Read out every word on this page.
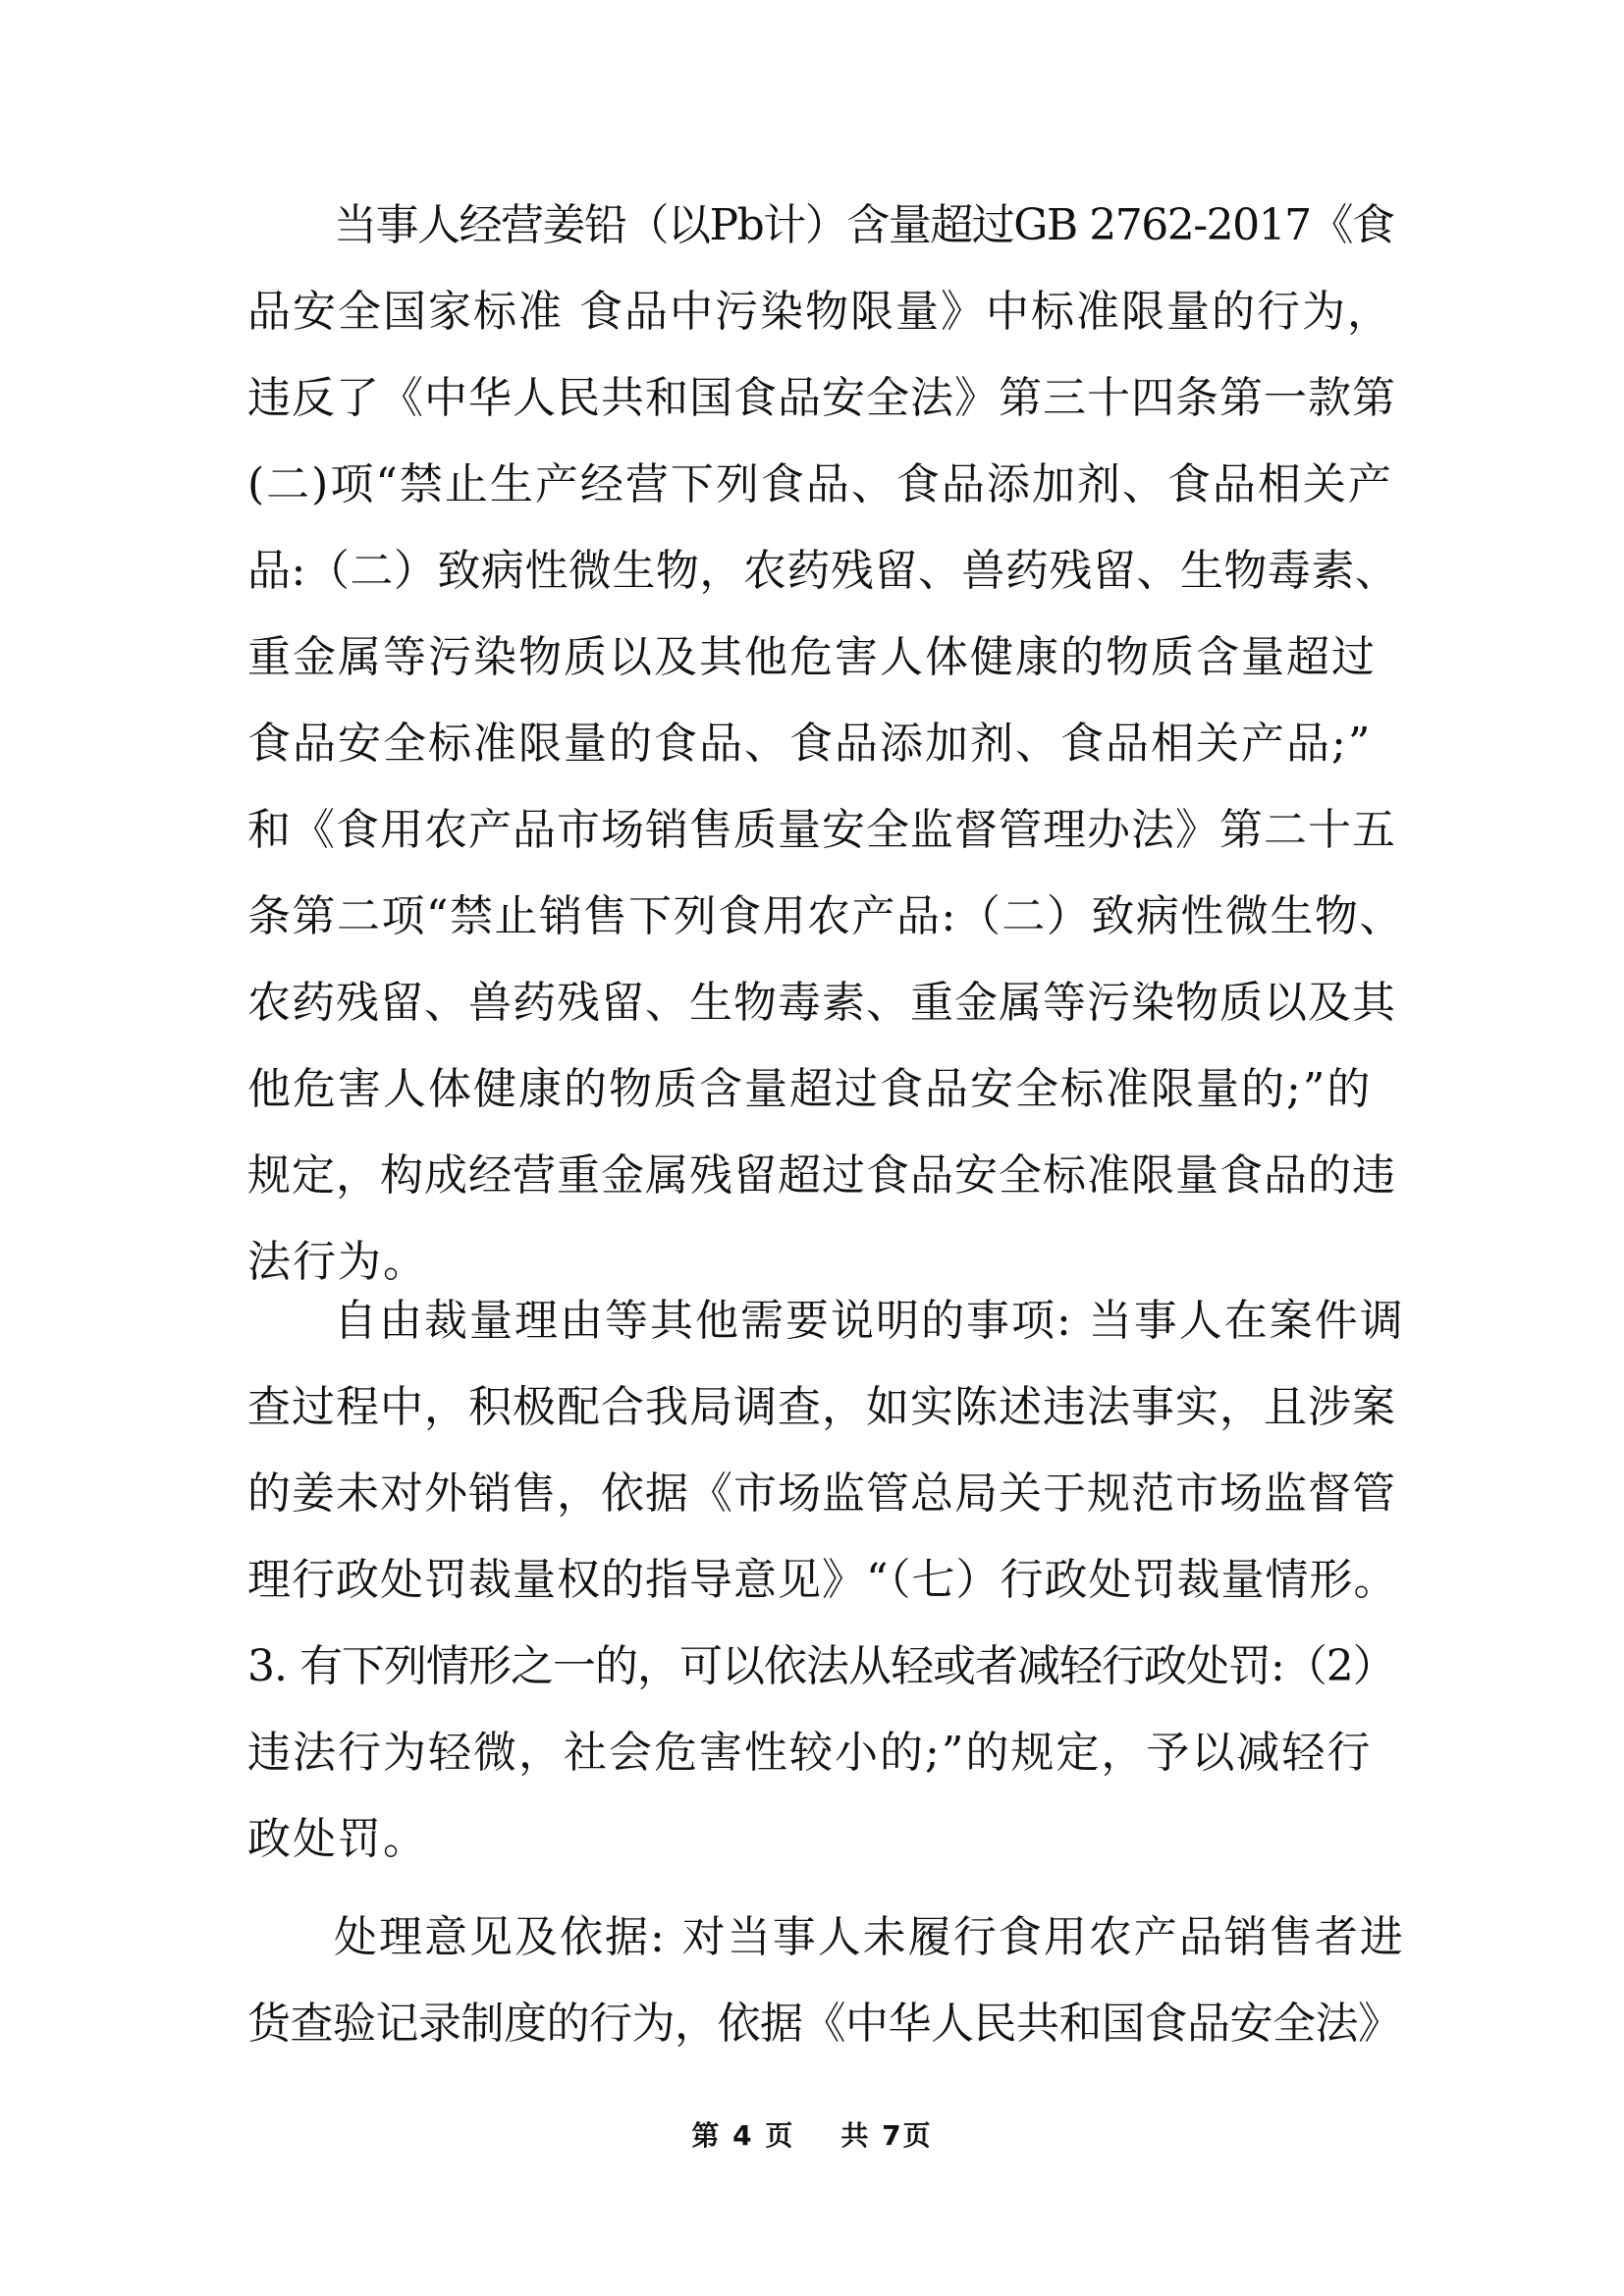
当事人经营姜铅（以Pb计）含量超过GB 2762-2017《食
品安全国家标准 食品中污染物限量》中标准限量的行为，
违反了《中华人民共和国食品安全法》第三十四条第一款第
(二)项“禁止生产经营下列食品、食品添加剂、食品相关产
品:（二）致病性微生物，农药残留、兽药残留、生物毒素、
重金属等污染物质以及其他危害人体健康的物质含量超过
食品安全标准限量的食品、食品添加剂、食品相关产品;”
和《食用农产品市场销售质量安全监督管理办法》第二十五
条第二项“禁止销售下列食用农产品:（二）致病性微生物、
农药残留、兽药残留、生物毒素、重金属等污染物质以及其
他危害人体健康的物质含量超过食品安全标准限量的;”的
规定，构成经营重金属残留超过食品安全标准限量食品的违
法行为。
自由裁量理由等其他需要说明的事项: 当事人在案件调
查过程中，积极配合我局调查，如实陈述违法事实，且涉案
的姜未对外销售，依据《市场监管总局关于规范市场监督管
理行政处罚裁量权的指导意见》“（七）行政处罚裁量情形。
3. 有下列情形之一的，可以依法从轻或者减轻行政处罚:（2）
违法行为轻微，社会危害性较小的;”的规定，予以减轻行
政处罚。
处理意见及依据: 对当事人未履行食用农产品销售者进
货查验记录制度的行为，依据《中华人民共和国食品安全法》
第 4 页    共 7页
